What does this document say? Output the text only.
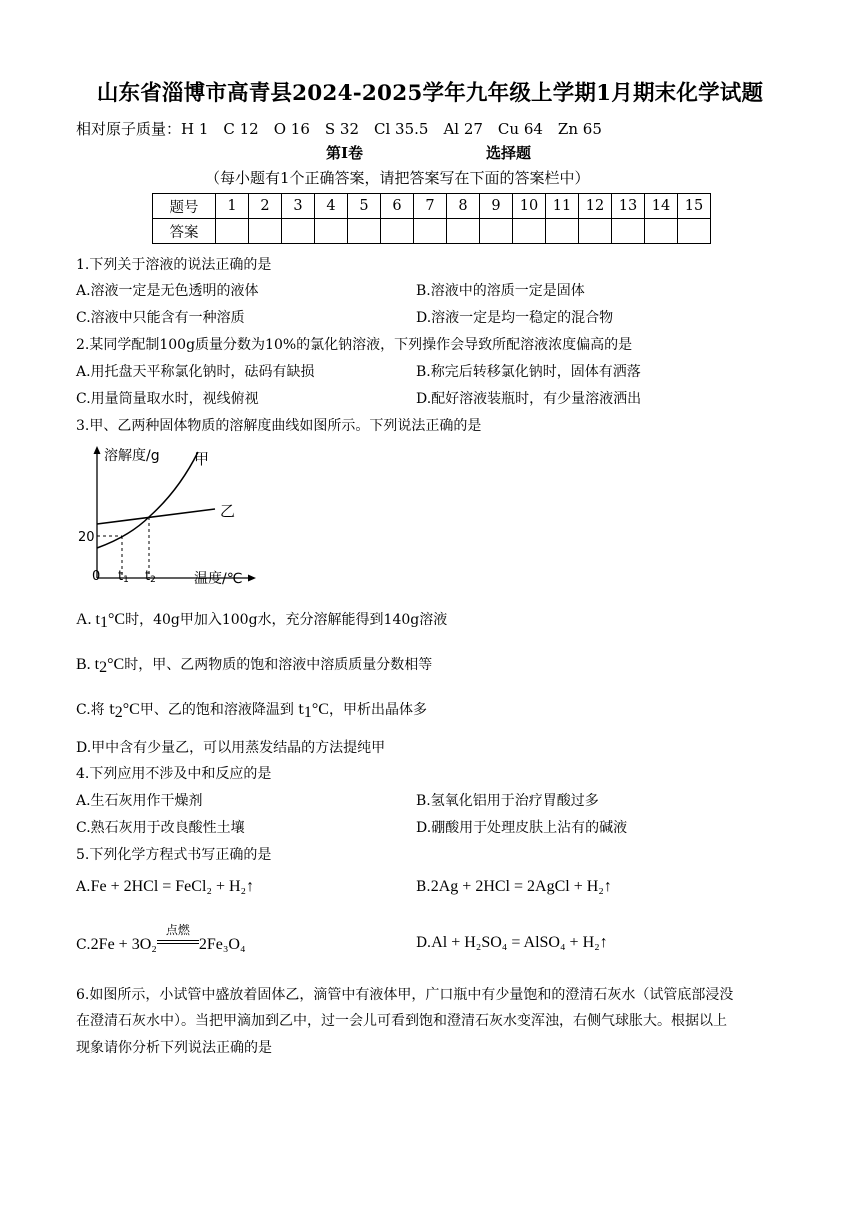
山东省淄博市高青县2024-2025学年九年级上学期1月期末化学试题
相对原子质量：H 1　C 12　O 16　S 32　Cl 35.5　Al 27　Cu 64　Zn 65
第Ⅰ卷	选择题
（每小题有1个正确答案，请把答案写在下面的答案栏中）
题号	1	2	3	4	5	6	7	8	9	10	11	12	13	14	15
答案															
1.下列关于溶液的说法正确的是
A.溶液一定是无色透明的液体	B.溶液中的溶质一定是固体
C.溶液中只能含有一种溶质	D.溶液一定是均一稳定的混合物
2.某同学配制100g质量分数为10%的氯化钠溶液，下列操作会导致所配溶液浓度偏高的是
A.用托盘天平称氯化钠时，砝码有缺损	B.称完后转移氯化钠时，固体有洒落
C.用量筒量取水时，视线俯视	D.配好溶液装瓶时，有少量溶液洒出
3.甲、乙两种固体物质的溶解度曲线如图所示。下列说法正确的是
溶解度/g 甲
乙
20
0 t1 t2	温度/℃
A. $t_1^\circ C$时，40g甲加入100g水，充分溶解能得到140g溶液
B. $t_2^\circ C$时，甲、乙两物质的饱和溶液中溶质质量分数相等
C.将 $t_2^\circ C$甲、乙的饱和溶液降温到 $t_1^\circ C$，甲析出晶体多
D.甲中含有少量乙，可以用蒸发结晶的方法提纯甲
4.下列应用不涉及中和反应的是
A.生石灰用作干燥剂	B.氢氧化铝用于治疗胃酸过多
C.熟石灰用于改良酸性土壤	D.硼酸用于处理皮肤上沾有的碱液
5.下列化学方程式书写正确的是
A.Fe + 2HCl = FeCl₂ + H₂↑	B.2Ag + 2HCl = 2AgCl + H₂↑
C.2Fe + 3O₂
点燃
2Fe₃O₄	D.Al + H₂SO₄ = AlSO₄ + H₂↑
6.如图所示，小试管中盛放着固体乙，滴管中有液体甲，广口瓶中有少量饱和的澄清石灰水（试管底部浸没
在澄清石灰水中）。当把甲滴加到乙中，过一会儿可看到饱和澄清石灰水变浑浊，右侧气球胀大。根据以上
现象请你分析下列说法正确的是
